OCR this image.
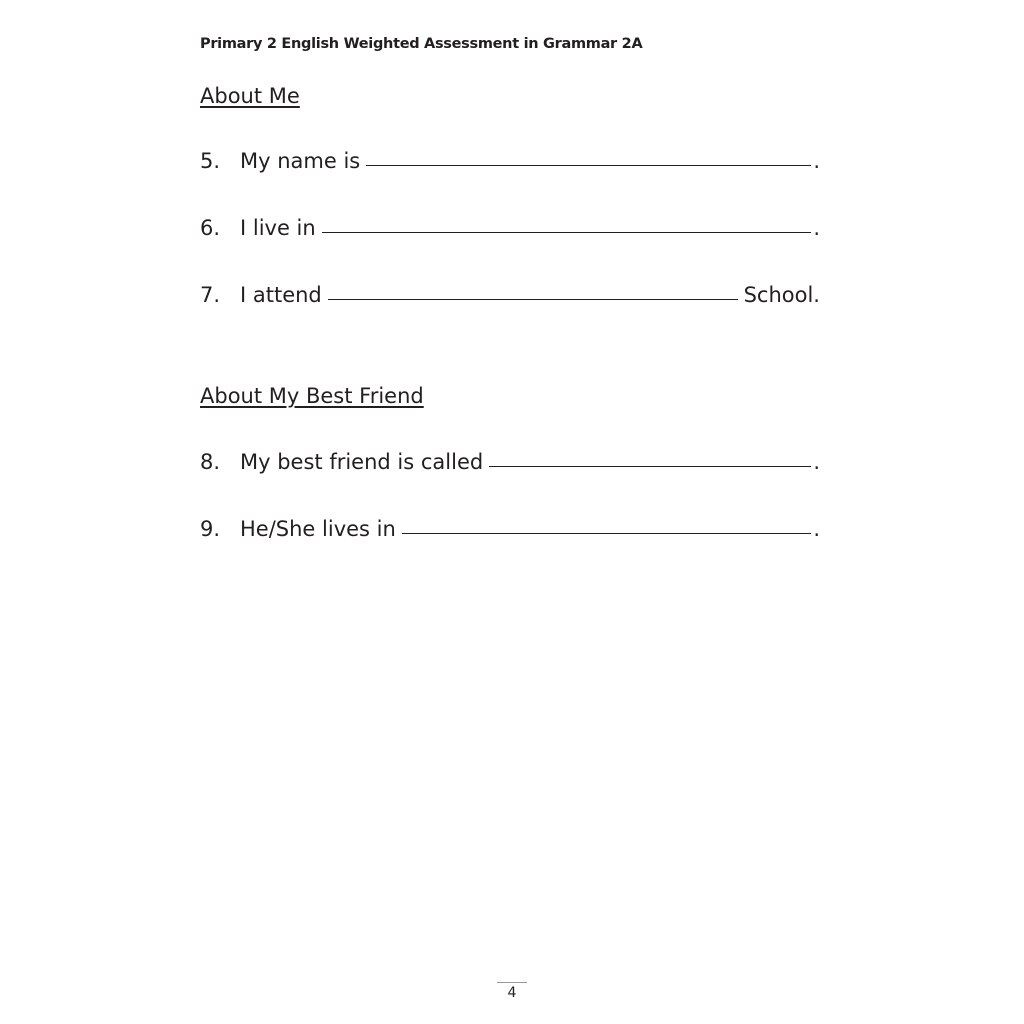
Primary 2 English Weighted Assessment in Grammar 2A
About Me
5. My name is	.
6. I live in	.
7. I attend	School.
About My Best Friend
8. My best friend is called	.
9. He/She lives in	.
4
